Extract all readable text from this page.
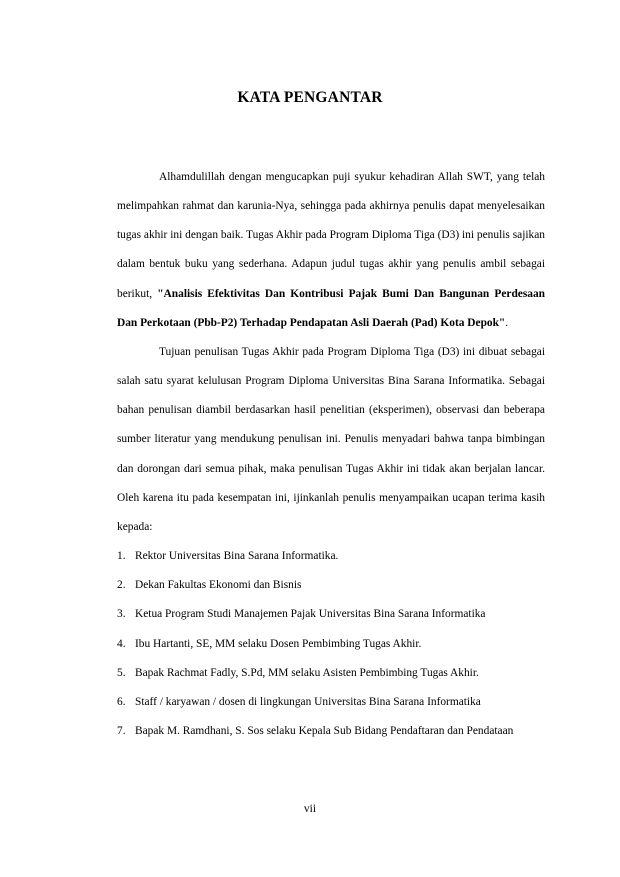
KATA PENGANTAR

Alhamdulillah dengan mengucapkan puji syukur kehadiran Allah SWT, yang telah melimpahkan rahmat dan karunia-Nya, sehingga pada akhirnya penulis dapat menyelesaikan tugas akhir ini dengan baik. Tugas Akhir pada Program Diploma Tiga (D3) ini penulis sajikan dalam bentuk buku yang sederhana. Adapun judul tugas akhir yang penulis ambil sebagai berikut, "Analisis Efektivitas Dan Kontribusi Pajak Bumi Dan Bangunan Perdesaan Dan Perkotaan (Pbb-P2) Terhadap Pendapatan Asli Daerah (Pad) Kota Depok".

Tujuan penulisan Tugas Akhir pada Program Diploma Tiga (D3) ini dibuat sebagai salah satu syarat kelulusan Program Diploma Universitas Bina Sarana Informatika. Sebagai bahan penulisan diambil berdasarkan hasil penelitian (eksperimen), observasi dan beberapa sumber literatur yang mendukung penulisan ini. Penulis menyadari bahwa tanpa bimbingan dan dorongan dari semua pihak, maka penulisan Tugas Akhir ini tidak akan berjalan lancar. Oleh karena itu pada kesempatan ini, ijinkanlah penulis menyampaikan ucapan terima kasih kepada:

1. Rektor Universitas Bina Sarana Informatika.
2. Dekan Fakultas Ekonomi dan Bisnis
3. Ketua Program Studi Manajemen Pajak Universitas Bina Sarana Informatika
4. Ibu Hartanti, SE, MM selaku Dosen Pembimbing Tugas Akhir.
5. Bapak Rachmat Fadly, S.Pd, MM selaku Asisten Pembimbing Tugas Akhir.
6. Staff / karyawan / dosen di lingkungan Universitas Bina Sarana Informatika
7. Bapak M. Ramdhani, S. Sos selaku Kepala Sub Bidang Pendaftaran dan Pendataan
vii
